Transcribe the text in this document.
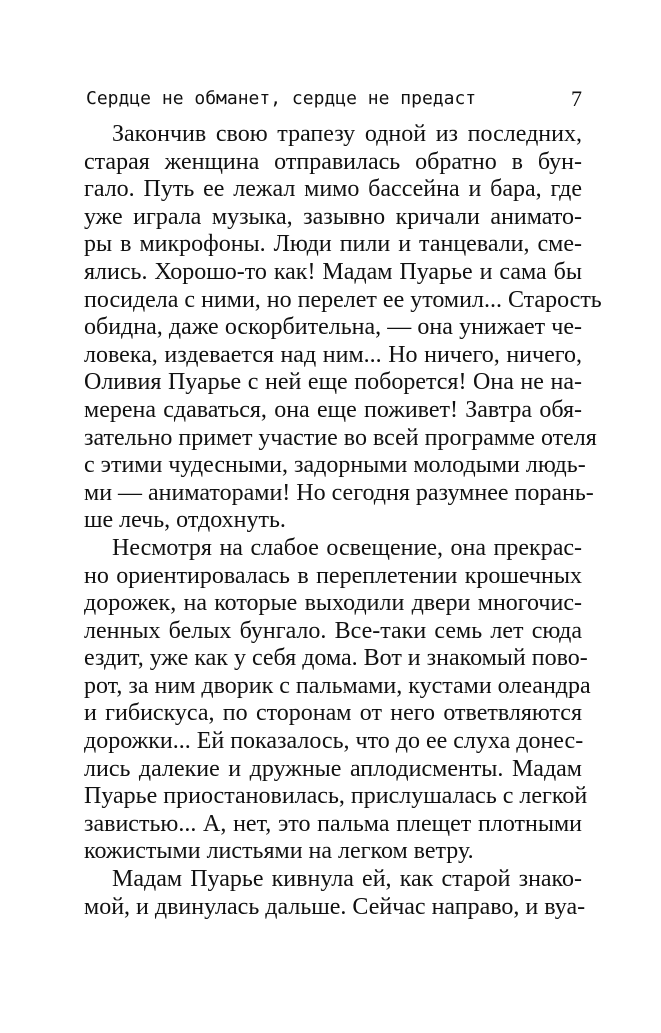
Сердце не обманет, сердце не предаст	7
Закончив свою трапезу одной из последних,
старая женщина отправилась обратно в бун-
гало. Путь ее лежал мимо бассейна и бара, где
уже играла музыка, зазывно кричали анимато-
ры в микрофоны. Люди пили и танцевали, сме-
ялись. Хорошо-то как! Мадам Пуарье и сама бы
посидела с ними, но перелет ее утомил... Старость
обидна, даже оскорбительна, — она унижает че-
ловека, издевается над ним... Но ничего, ничего,
Оливия Пуарье с ней еще поборется! Она не на-
мерена сдаваться, она еще поживет! Завтра обя-
зательно примет участие во всей программе отеля
с этими чудесными, задорными молодыми людь-
ми — аниматорами! Но сегодня разумнее порань-
ше лечь, отдохнуть.
Несмотря на слабое освещение, она прекрас-
но ориентировалась в переплетении крошечных
дорожек, на которые выходили двери многочис-
ленных белых бунгало. Все-таки семь лет сюда
ездит, уже как у себя дома. Вот и знакомый пово-
рот, за ним дворик с пальмами, кустами олеандра
и гибискуса, по сторонам от него ответвляются
дорожки... Ей показалось, что до ее слуха донес-
лись далекие и дружные аплодисменты. Мадам
Пуарье приостановилась, прислушалась с легкой
завистью... А, нет, это пальма плещет плотными
кожистыми листьями на легком ветру.
Мадам Пуарье кивнула ей, как старой знако-
мой, и двинулась дальше. Сейчас направо, и вуа-
